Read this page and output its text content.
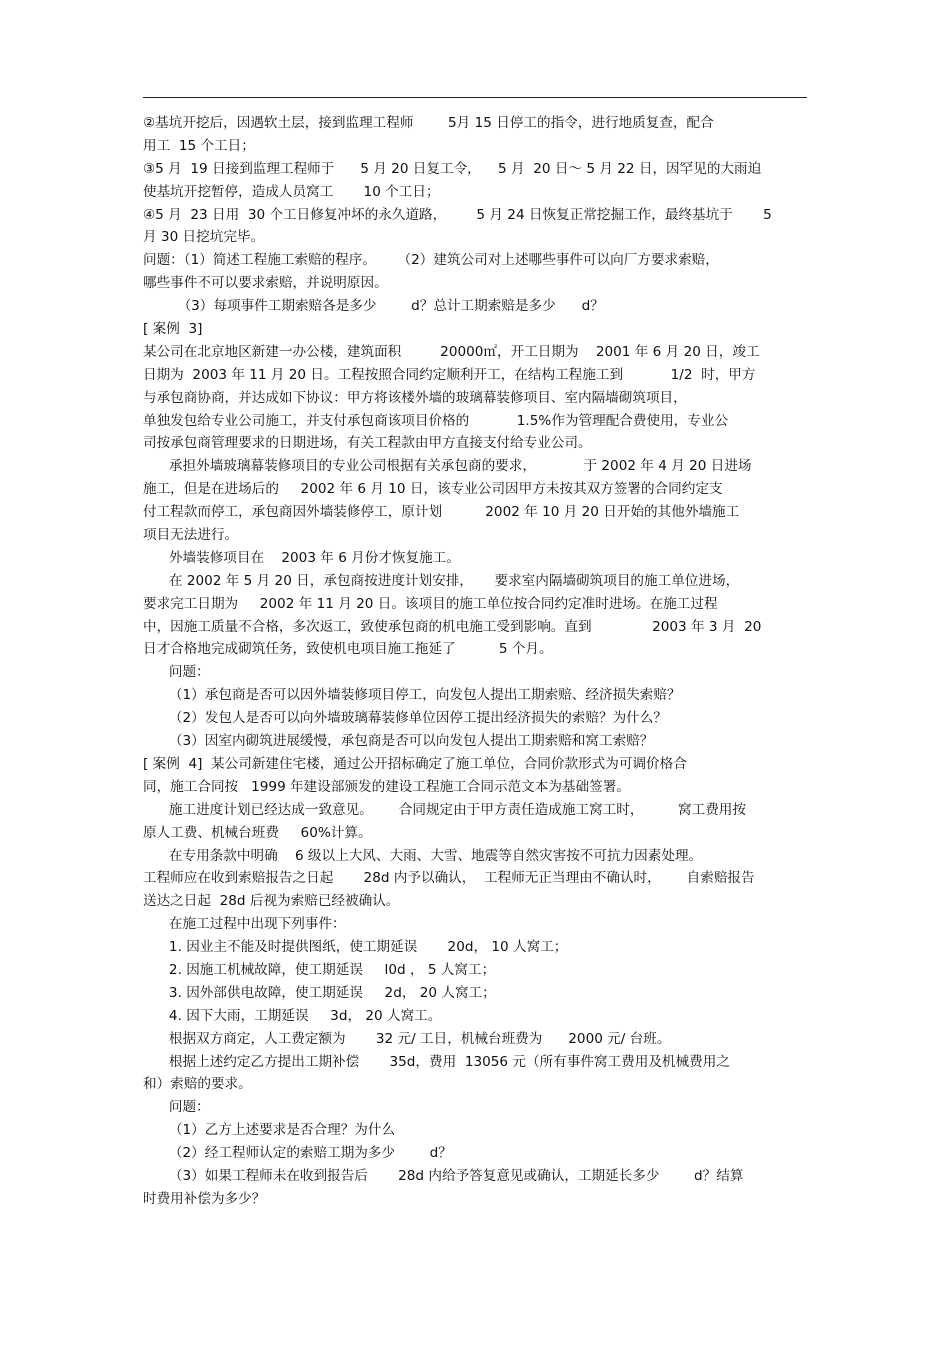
②基坑开挖后，因遇软土层，接到监理工程师        5月 15 日停工的指令，进行地质复查，配合
用工  15 个工日；
③5 月  19 日接到监理工程师于      5 月 20 日复工令，    5 月  20 日～ 5 月 22 日，因罕见的大雨迫
使基坑开挖暂停，造成人员窝工       10 个工日；
④5 月  23 日用  30 个工日修复冲坏的永久道路，       5 月 24 日恢复正常挖掘工作，最终基坑于       5
月 30 日挖坑完毕。
问题：（1）简述工程施工索赔的程序。     （2）建筑公司对上述哪些事件可以向厂方要求索赔，
哪些事件不可以要求索赔，并说明原因。
（3）每项事件工期索赔各是多少        d？总计工期索赔是多少      d？
[ 案例  3]
某公司在北京地区新建一办公楼，建筑面积         20000㎡，开工日期为    2001 年 6 月 20 日，竣工
日期为  2003 年 11 月 20 日。工程按照合同约定顺利开工，在结构工程施工到           1/2  时，甲方
与承包商协商，并达成如下协议：甲方将该楼外墙的玻璃幕装修项目、室内隔墙砌筑项目，
单独发包给专业公司施工，并支付承包商该项目价格的           1.5%作为管理配合费使用，专业公
司按承包商管理要求的日期进场，有关工程款由甲方直接支付给专业公司。
承担外墙玻璃幕装修项目的专业公司根据有关承包商的要求，           于 2002 年 4 月 20 日进场
施工，但是在进场后的     2002 年 6 月 10 日，该专业公司因甲方未按其双方签署的合同约定支
付工程款而停工，承包商因外墙装修停工，原计划          2002 年 10 月 20 日开始的其他外墙施工
项目无法进行。
外墙装修项目在    2003 年 6 月份才恢复施工。
在 2002 年 5 月 20 日，承包商按进度计划安排，     要求室内隔墙砌筑项目的施工单位进场，
要求完工日期为     2002 年 11 月 20 日。该项目的施工单位按合同约定准时进场。在施工过程
中，因施工质量不合格，多次返工，致使承包商的机电施工受到影响。直到              2003 年 3 月  20
日才合格地完成砌筑任务，致使机电项目施工拖延了          5 个月。
问题：
（1）承包商是否可以因外墙装修项目停工，向发包人提出工期索赔、经济损失索赔？
（2）发包人是否可以向外墙玻璃幕装修单位因停工提出经济损失的索赔？为什么？
（3）因室内砌筑进展缓慢，承包商是否可以向发包人提出工期索赔和窝工索赔？
[ 案例  4]  某公司新建住宅楼，通过公开招标确定了施工单位，合同价款形式为可调价格合
同，施工合同按   1999 年建设部颁发的建设工程施工合同示范文本为基础签署。
施工进度计划已经达成一致意见。      合同规定由于甲方责任造成施工窝工时，        窝工费用按
原人工费、机械台班费     60%计算。
在专用条款中明确    6 级以上大风、大雨、大雪、地震等自然灾害按不可抗力因素处理。
工程师应在收到索赔报告之日起       28d 内予以确认，  工程师无正当理由不确认时，      自索赔报告
送达之日起  28d 后视为索赔已经被确认。
在施工过程中出现下列事件：
1. 因业主不能及时提供图纸，使工期延误       20d， 10 人窝工；
2. 因施工机械故障，使工期延误     l0d ， 5 人窝工；
3. 因外部供电故障，使工期延误     2d， 20 人窝工；
4. 因下大雨，工期延误     3d， 20 人窝工。
根据双方商定，人工费定额为       32 元/ 工日，机械台班费为      2000 元/ 台班。
根据上述约定乙方提出工期补偿       35d，费用  13056 元（所有事件窝工费用及机械费用之
和）索赔的要求。
问题：
（1）乙方上述要求是否合理？为什么
（2）经工程师认定的索赔工期为多少        d？
（3）如果工程师未在收到报告后       28d 内给予答复意见或确认，工期延长多少        d？结算
时费用补偿为多少？
